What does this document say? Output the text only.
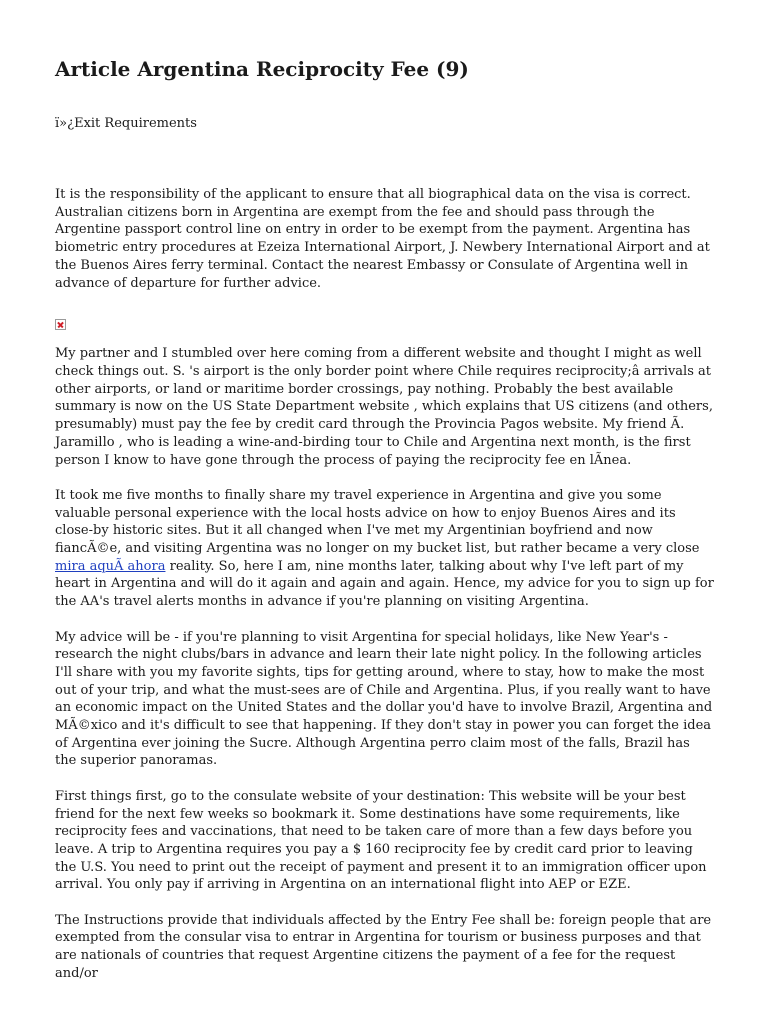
Article Argentina Reciprocity Fee (9)
ï»¿Exit Requirements

It is the responsibility of the applicant to ensure that all biographical data on the visa is correct. Australian citizens born in Argentina are exempt from the fee and should pass through the Argentine passport control line on entry in order to be exempt from the payment. Argentina has biometric entry procedures at Ezeiza International Airport, J. Newbery International Airport and at the Buenos Aires ferry terminal. Contact the nearest Embassy or Consulate of Argentina well in advance of departure for further advice.

My partner and I stumbled over here coming from a different website and thought I might as well check things out. S. 's airport is the only border point where Chile requires reciprocity;â arrivals at other airports, or land or maritime border crossings, pay nothing. Probably the best available summary is now on the US State Department website , which explains that US citizens (and others, presumably) must pay the fee by credit card through the Provincia Pagos website. My friend Ã. Jaramillo , who is leading a wine-and-birding tour to Chile and Argentina next month, is the first person I know to have gone through the process of paying the reciprocity fee en lÃnea.

It took me five months to finally share my travel experience in Argentina and give you some valuable personal experience with the local hosts advice on how to enjoy Buenos Aires and its close-by historic sites. But it all changed when I've met my Argentinian boyfriend and now fiancÃ©e, and visiting Argentina was no longer on my bucket list, but rather became a very close mira aquÃ ahora reality. So, here I am, nine months later, talking about why I've left part of my heart in Argentina and will do it again and again and again. Hence, my advice for you to sign up for the AA's travel alerts months in advance if you're planning on visiting Argentina.

My advice will be - if you're planning to visit Argentina for special holidays, like New Year's - research the night clubs/bars in advance and learn their late night policy. In the following articles I'll share with you my favorite sights, tips for getting around, where to stay, how to make the most out of your trip, and what the must-sees are of Chile and Argentina. Plus, if you really want to have an economic impact on the United States and the dollar you'd have to involve Brazil, Argentina and MÃ©xico and it's difficult to see that happening. If they don't stay in power you can forget the idea of Argentina ever joining the Sucre. Although Argentina perro claim most of the falls, Brazil has the superior panoramas.

First things first, go to the consulate website of your destination: This website will be your best friend for the next few weeks so bookmark it. Some destinations have some requirements, like reciprocity fees and vaccinations, that need to be taken care of more than a few days before you leave. A trip to Argentina requires you pay a $ 160 reciprocity fee by credit card prior to leaving the U.S. You need to print out the receipt of payment and present it to an immigration officer upon arrival. You only pay if arriving in Argentina on an international flight into AEP or EZE.

The Instructions provide that individuals affected by the Entry Fee shall be: foreign people that are exempted from the consular visa to entrar in Argentina for tourism or business purposes and that are nationals of countries that request Argentine citizens the payment of a fee for the request and/or
